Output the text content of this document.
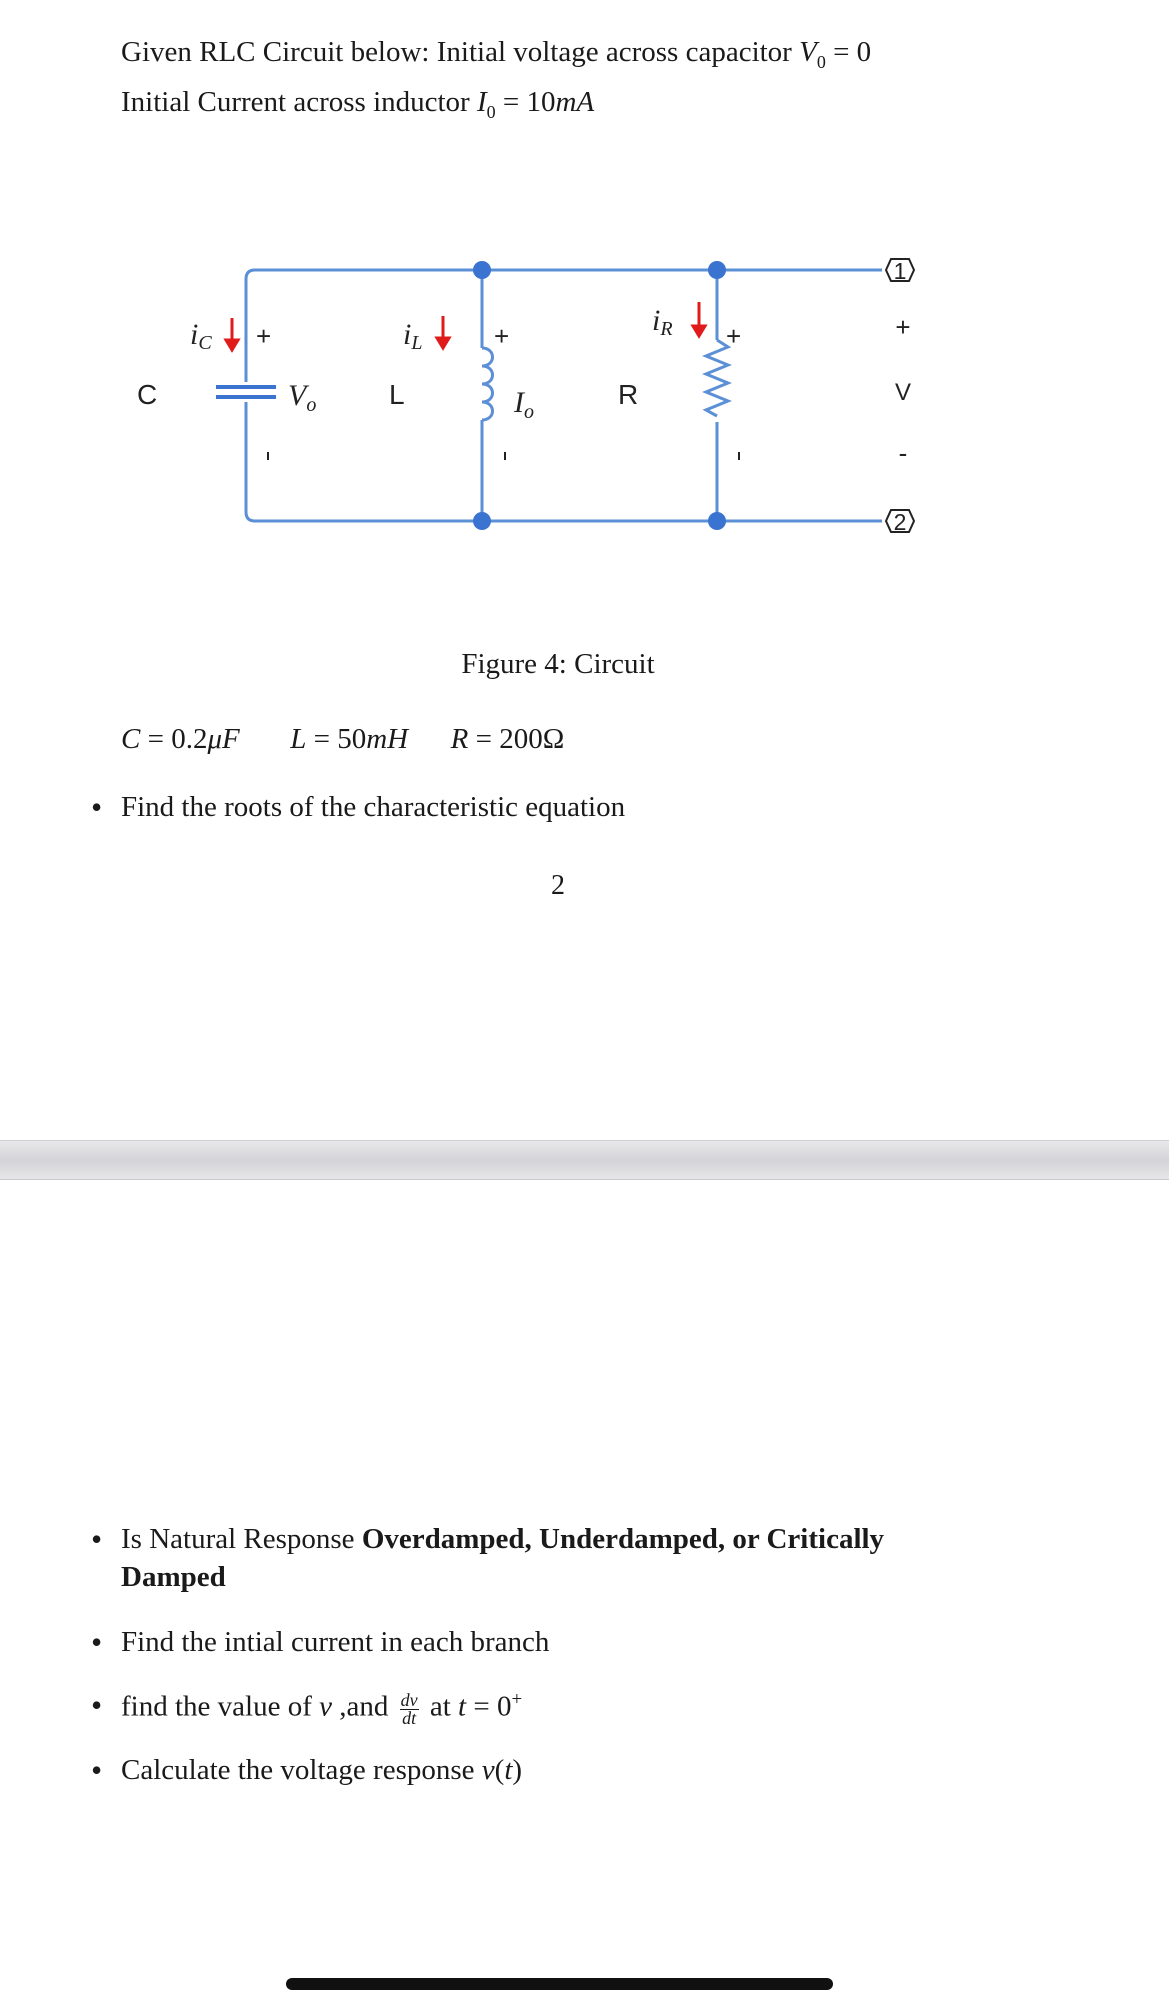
Given RLC Circuit below: Initial voltage across capacitor $V_0 = 0$
Initial Current across inductor $I_0 = 10mA$
1
2
C	L	R
+	+	+	+
V
-
iC	iL
iR
$V_o$	$I_o$
Figure 4: Circuit
C = 0.2μF L = 50mH R = 200Ω
• Find the roots of the characteristic equation
2
• Is Natural Response Overdamped, Underdamped, or Critically
Damped
• Find the intial current in each branch
• find the value of v $,and \frac{dv}{dt}$ at t = 0+
• Calculate the voltage response v(t)
